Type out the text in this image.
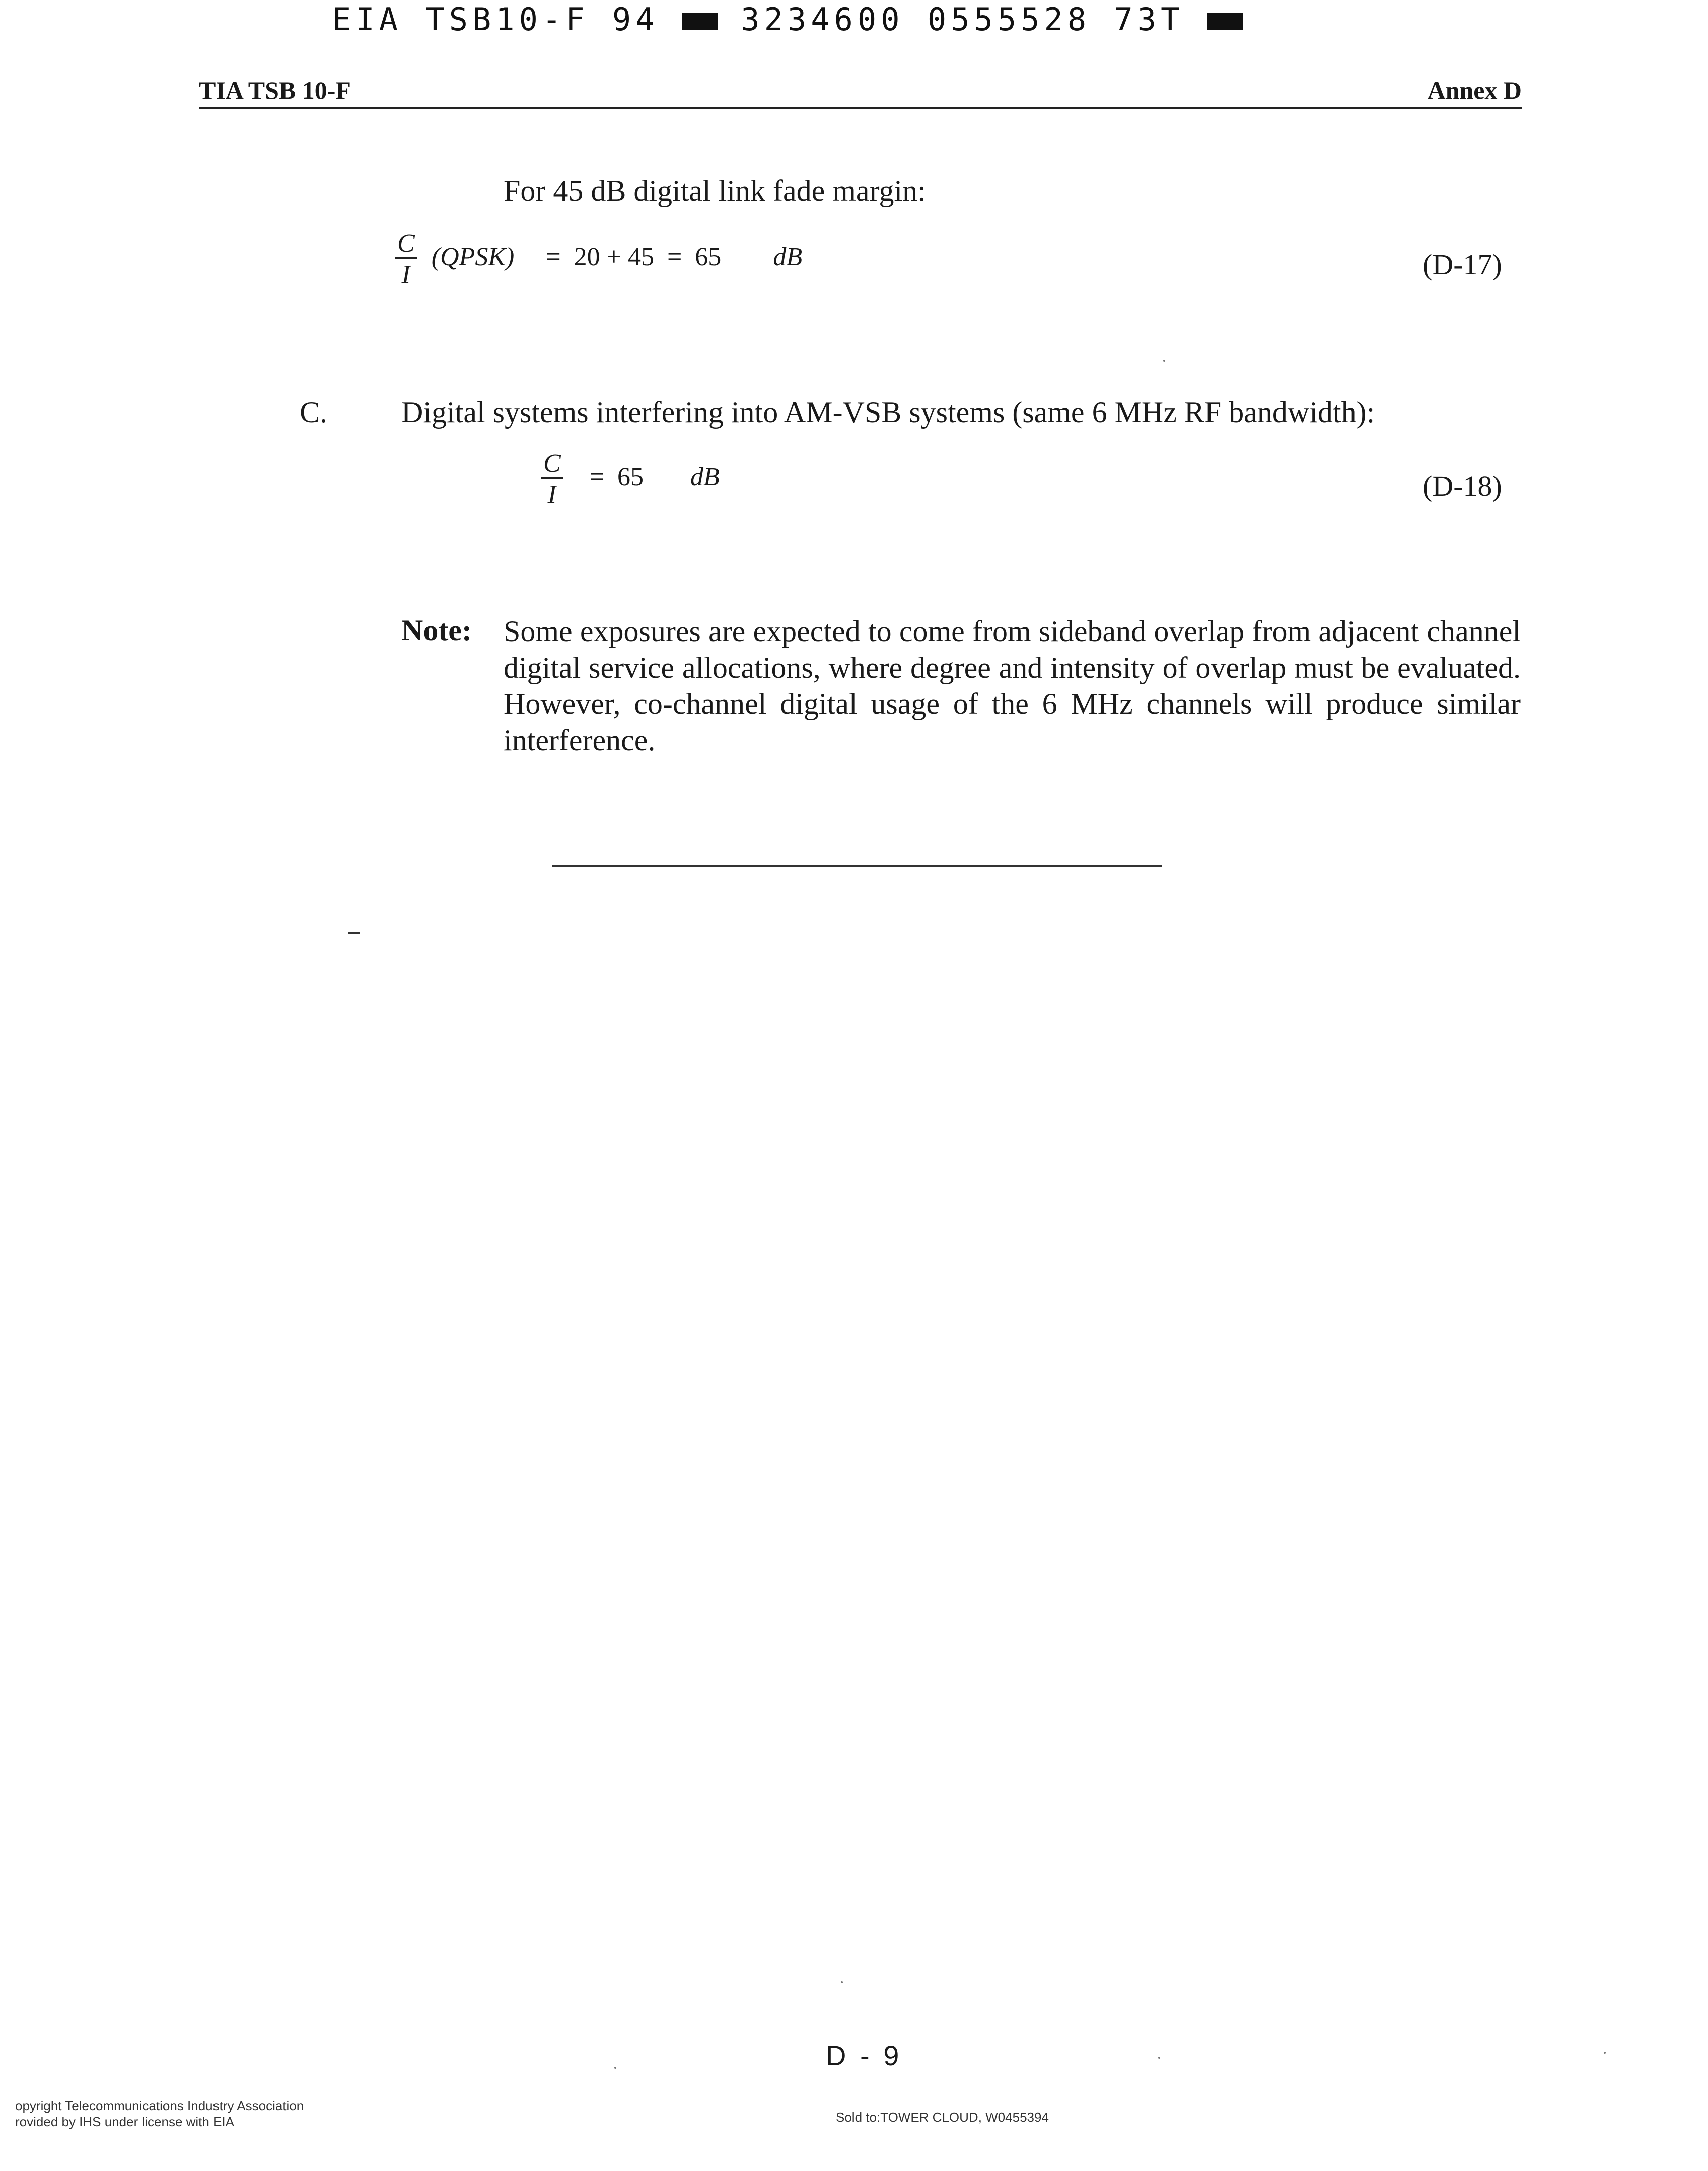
EIA TSB10-F 94	3234600 0555528 73T
TIA TSB 10-F	Annex D
For 45 dB digital link fade margin:
$\frac{C}{I}$ (QPSK) =  20 + 45  =  65 dB	(D-17)
C. Digital systems interfering into AM-VSB systems (same 6 MHz RF bandwidth):
$\frac{C}{I} = 65$ dB	(D-18)
Note: Some exposures are expected to come from sideband overlap from adjacent channel digital service allocations, where degree and intensity of overlap must be evaluated. However, co-channel digital usage of the 6 MHz channels will produce similar interference.
D - 9
opyright Telecommunications Industry Association
rovided by IHS under license with EIA	Sold to:TOWER CLOUD, W0455394
